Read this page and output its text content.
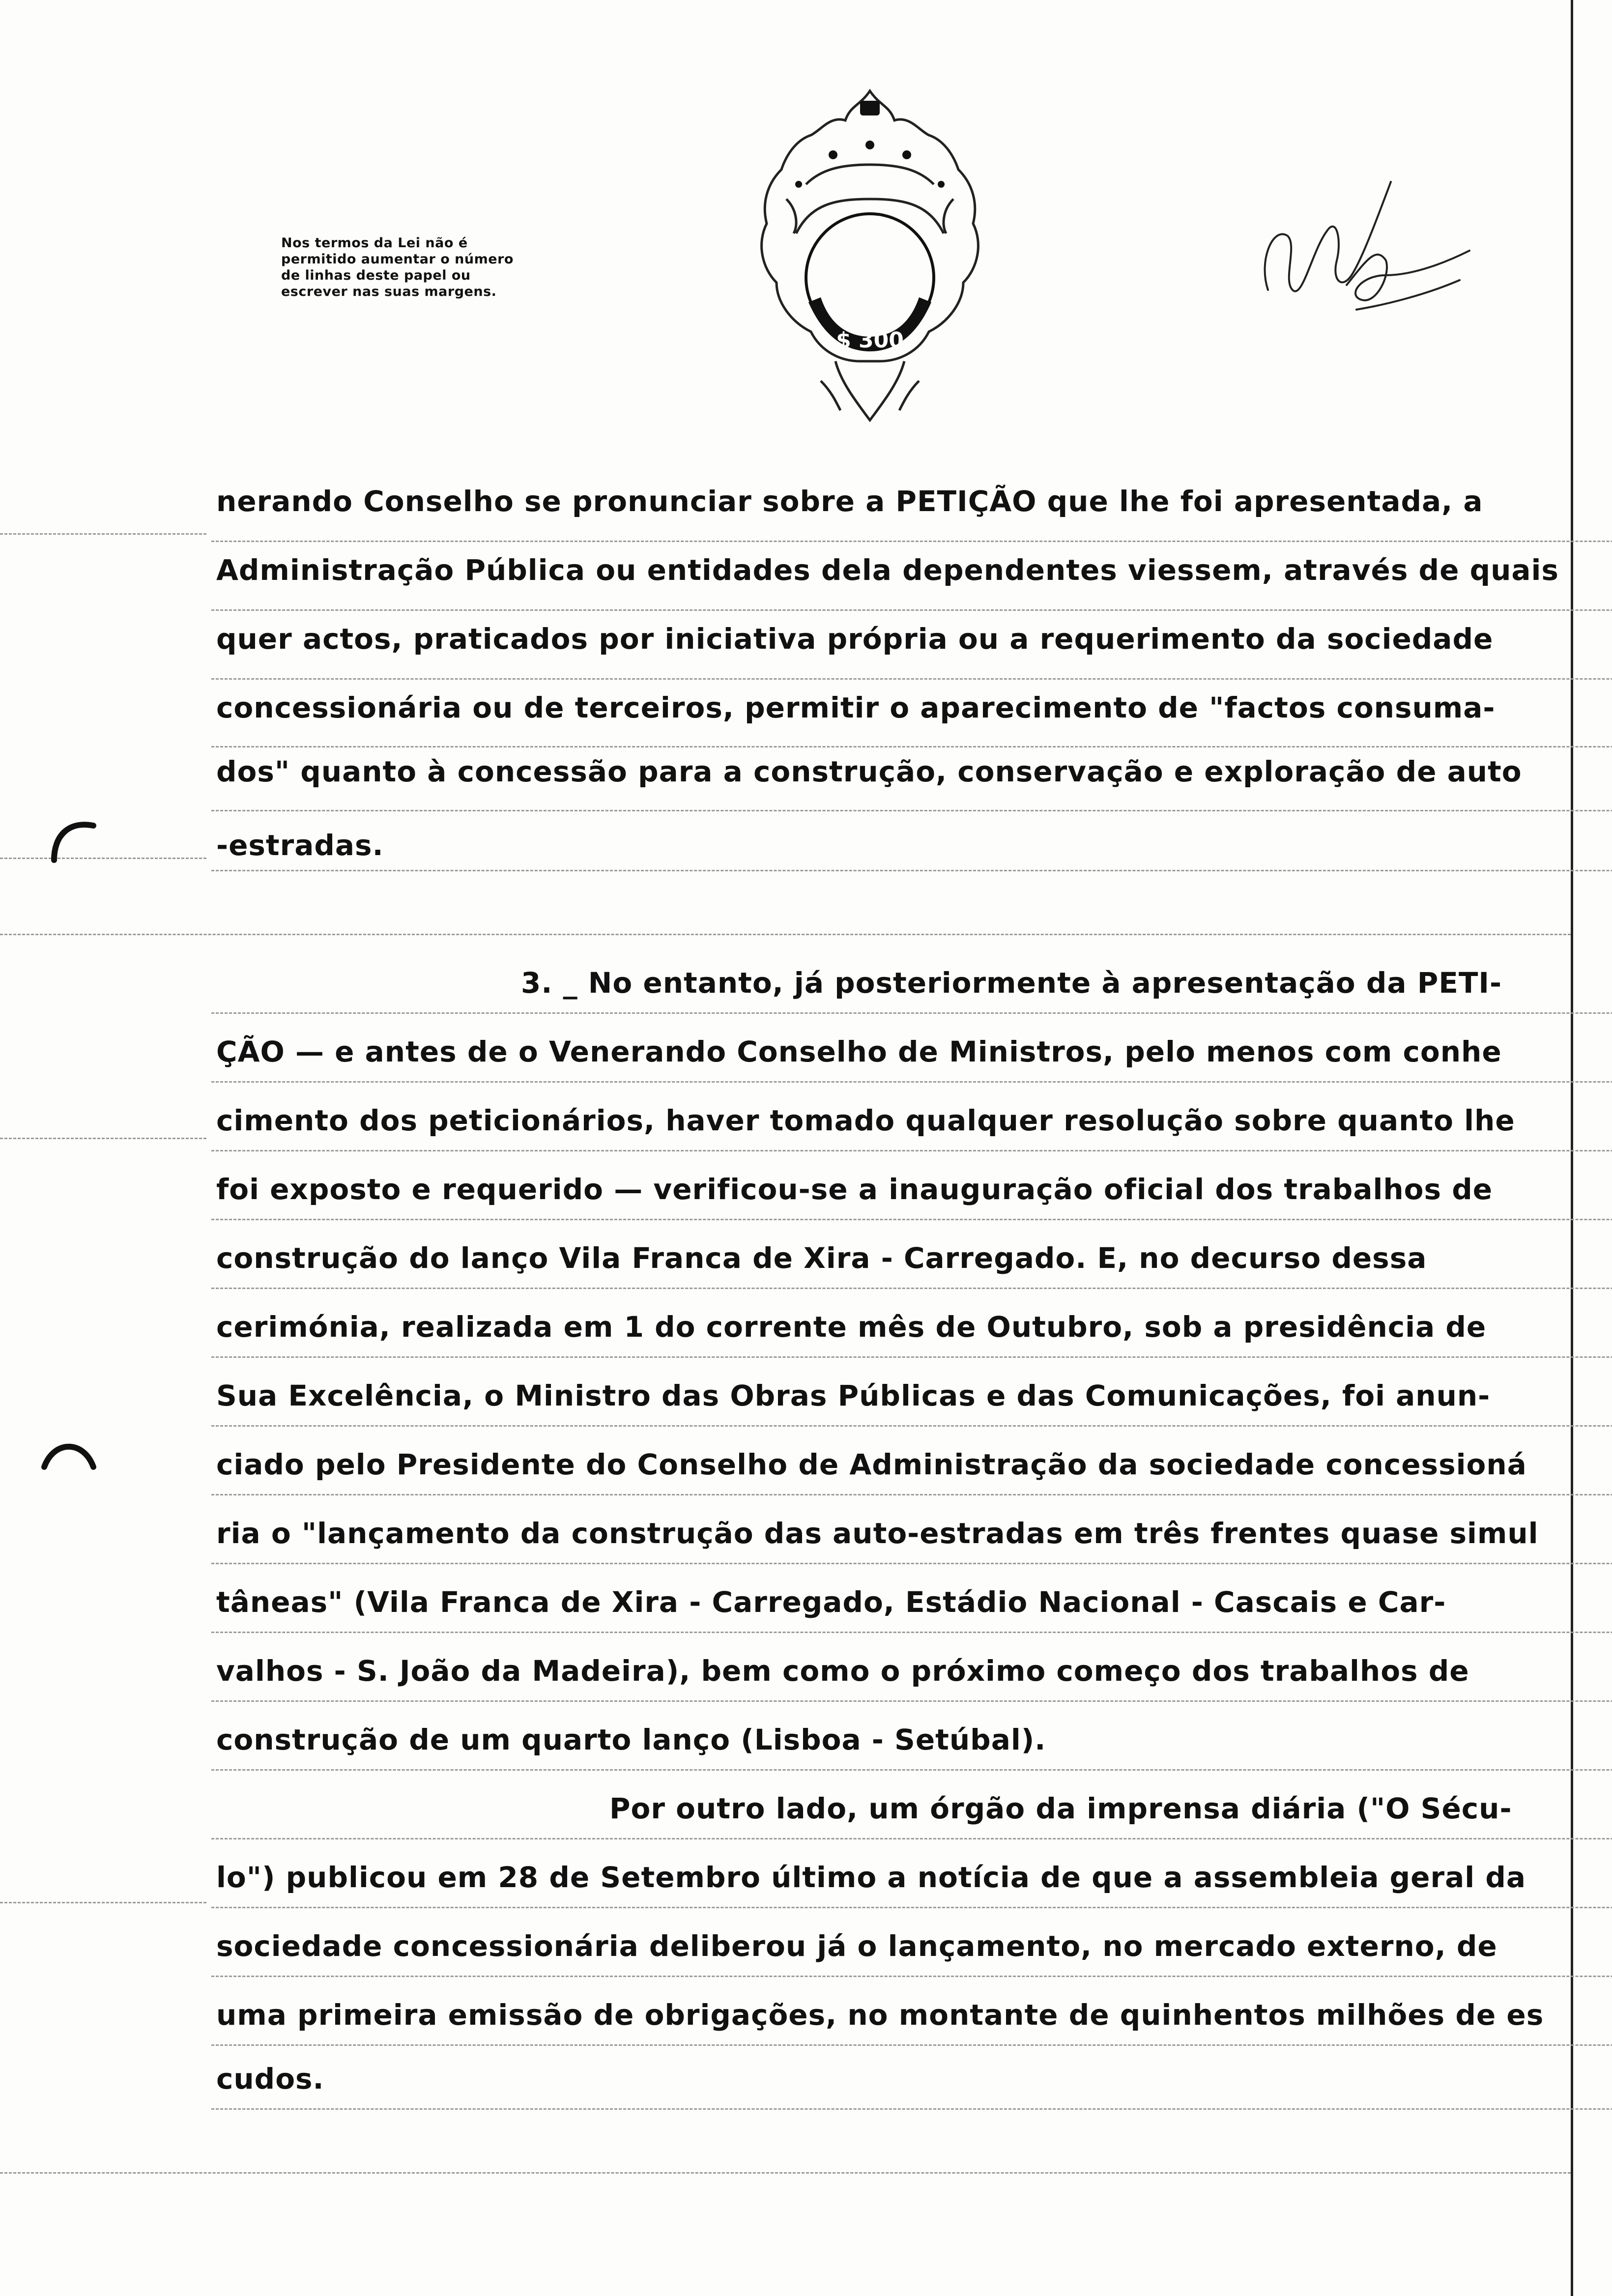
Nos termos da Lei não é permitido aumentar o número de linhas deste papel ou escrever nas suas margens.
$ 300
nerando Conselho se pronunciar sobre a PETIÇÃO que lhe foi apresentada, a
Administração Pública ou entidades dela dependentes viessem, através de quais
quer actos, praticados por iniciativa própria ou a requerimento da sociedade
concessionária ou de terceiros, permitir o aparecimento de "factos consuma-
dos" quanto à concessão para a construção, conservação e exploração de auto
-estradas.
3. _ No entanto, já posteriormente à apresentação da PETI-
ÇÃO — e antes de o Venerando Conselho de Ministros, pelo menos com conhe
cimento dos peticionários, haver tomado qualquer resolução sobre quanto lhe
foi exposto e requerido — verificou-se a inauguração oficial dos trabalhos de
construção do lanço Vila Franca de Xira - Carregado. E, no decurso dessa
cerimónia, realizada em 1 do corrente mês de Outubro, sob a presidência de
Sua Excelência, o Ministro das Obras Públicas e das Comunicações, foi anun-
ciado pelo Presidente do Conselho de Administração da sociedade concessioná
ria o "lançamento da construção das auto-estradas em três frentes quase simul
tâneas" (Vila Franca de Xira - Carregado, Estádio Nacional - Cascais e Car-
valhos - S. João da Madeira), bem como o próximo começo dos trabalhos de
construção de um quarto lanço (Lisboa - Setúbal).
Por outro lado, um órgão da imprensa diária ("O Sécu-
lo") publicou em 28 de Setembro último a notícia de que a assembleia geral da
sociedade concessionária deliberou já o lançamento, no mercado externo, de
uma primeira emissão de obrigações, no montante de quinhentos milhões de es
cudos.
